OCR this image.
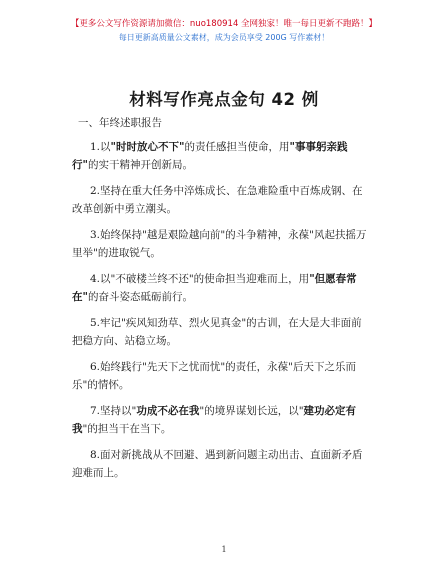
【更多公文写作资源请加微信：nuo180914 全网独家！唯一每日更新不跑路！】
每日更新高质量公文素材，成为会员享受 200G 写作素材！
材料写作亮点金句 42 例
一、年终述职报告

1.以"时时放心不下"的责任感担当使命，用"事事躬亲践行"的实干精神开创新局。

2.坚持在重大任务中淬炼成长、在急难险重中百炼成钢、在改革创新中勇立潮头。

3.始终保持"越是艰险越向前"的斗争精神，永葆"风起扶摇万里举"的进取锐气。

4.以"不破楼兰终不还"的使命担当迎难而上，用"但愿春常在"的奋斗姿态砥砺前行。

5.牢记"疾风知劲草、烈火见真金"的古训，在大是大非面前把稳方向、站稳立场。

6.始终践行"先天下之忧而忧"的责任，永葆"后天下之乐而乐"的情怀。

7.坚持以"功成不必在我"的境界谋划长远，以"建功必定有我"的担当干在当下。

8.面对新挑战从不回避、遇到新问题主动出击、直面新矛盾迎难而上。

1
